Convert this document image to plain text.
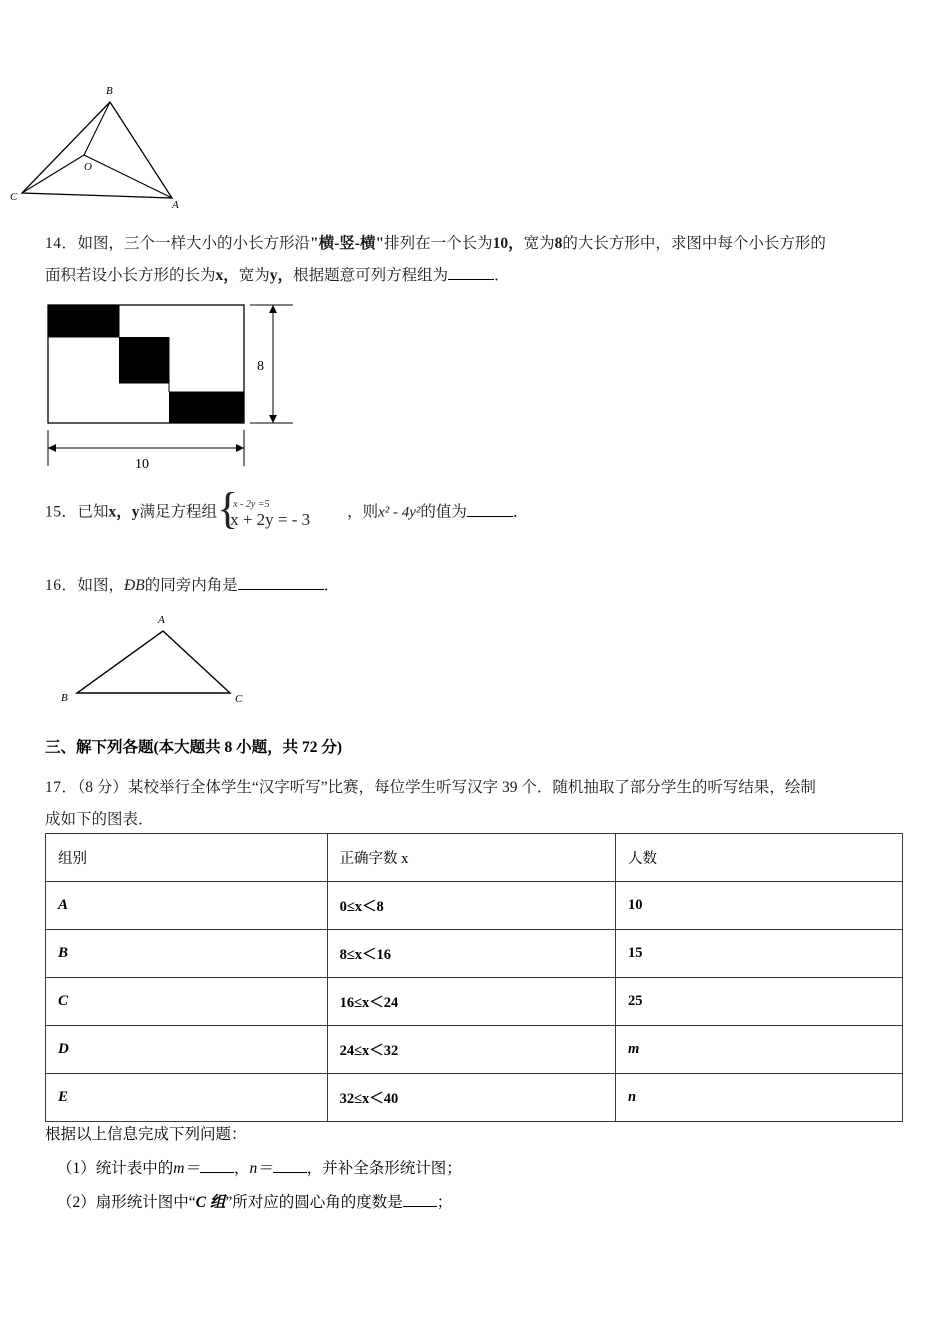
B
O
C
A
14．如图，三个一样大小的小长方形沿"横-竖-横"排列在一个长为10，宽为8的大长方形中，求图中每个小长方形的
面积若设小长方形的长为x，宽为y，根据题意可列方程组为	．
8
10
15．已知x，y满足方程组 {
x - 2y =5
x + 2y = - 3 ，则x² - 4y²的值为	．
16．如图，ÐB的同旁内角是	．
A
B	C
三、解下列各题(本大题共 8 小题，共 72 分)
17．（8 分）某校举行全体学生“汉字听写”比赛，每位学生听写汉字 39 个．随机抽取了部分学生的听写结果，绘制
成如下的图表．
组别	正确字数 x	人数
A	0≤x＜8	10
B	8≤x＜16	15
C	16≤x＜24	25
D	24≤x＜32	m
E	32≤x＜40	n
根据以上信息完成下列问题：
（1）统计表中的m＝ ，n＝ ，并补全条形统计图；
（2）扇形统计图中“C 组”所对应的圆心角的度数是 ；
